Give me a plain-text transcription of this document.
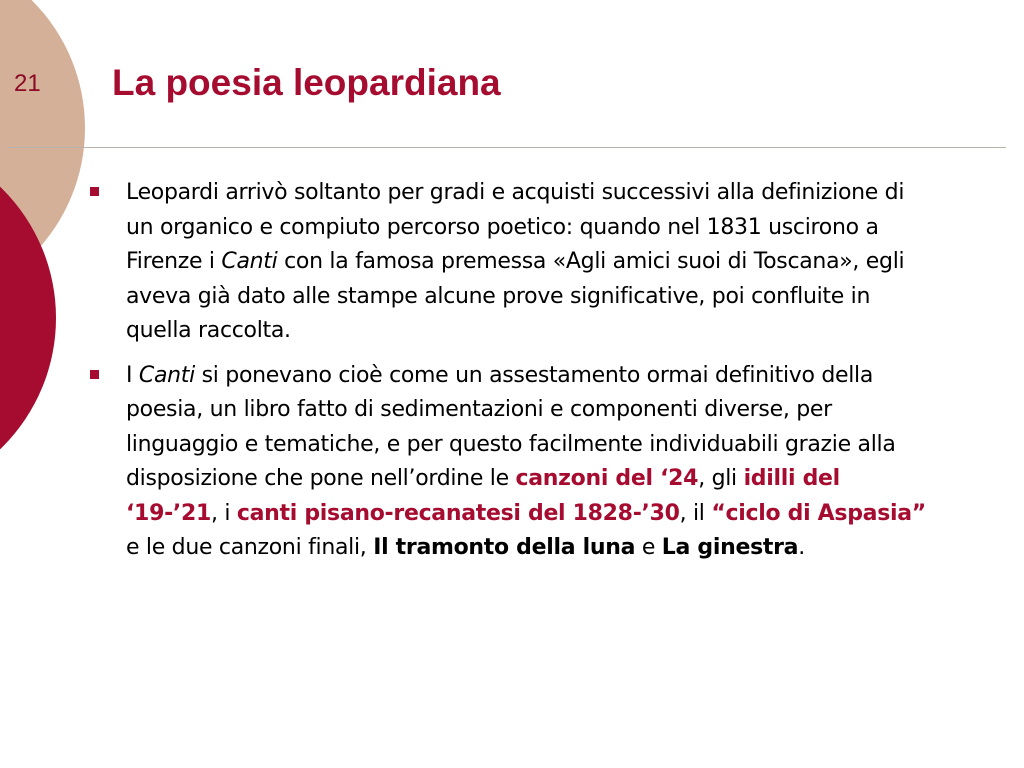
21 La poesia leopardiana
Leopardi arrivò soltanto per gradi e acquisti successivi alla definizione di un organico e compiuto percorso poetico: quando nel 1831 uscirono a Firenze i Canti con la famosa premessa «Agli amici suoi di Toscana», egli aveva già dato alle stampe alcune prove significative, poi confluite in quella raccolta.
I Canti si ponevano cioè come un assestamento ormai definitivo della poesia, un libro fatto di sedimentazioni e componenti diverse, per linguaggio e tematiche, e per questo facilmente individuabili grazie alla disposizione che pone nell’ordine le canzoni del ‘24, gli idilli del ‘19-’21, i canti pisano-recanatesi del 1828-’30, il “ciclo di Aspasia” e le due canzoni finali, Il tramonto della luna e La ginestra.
